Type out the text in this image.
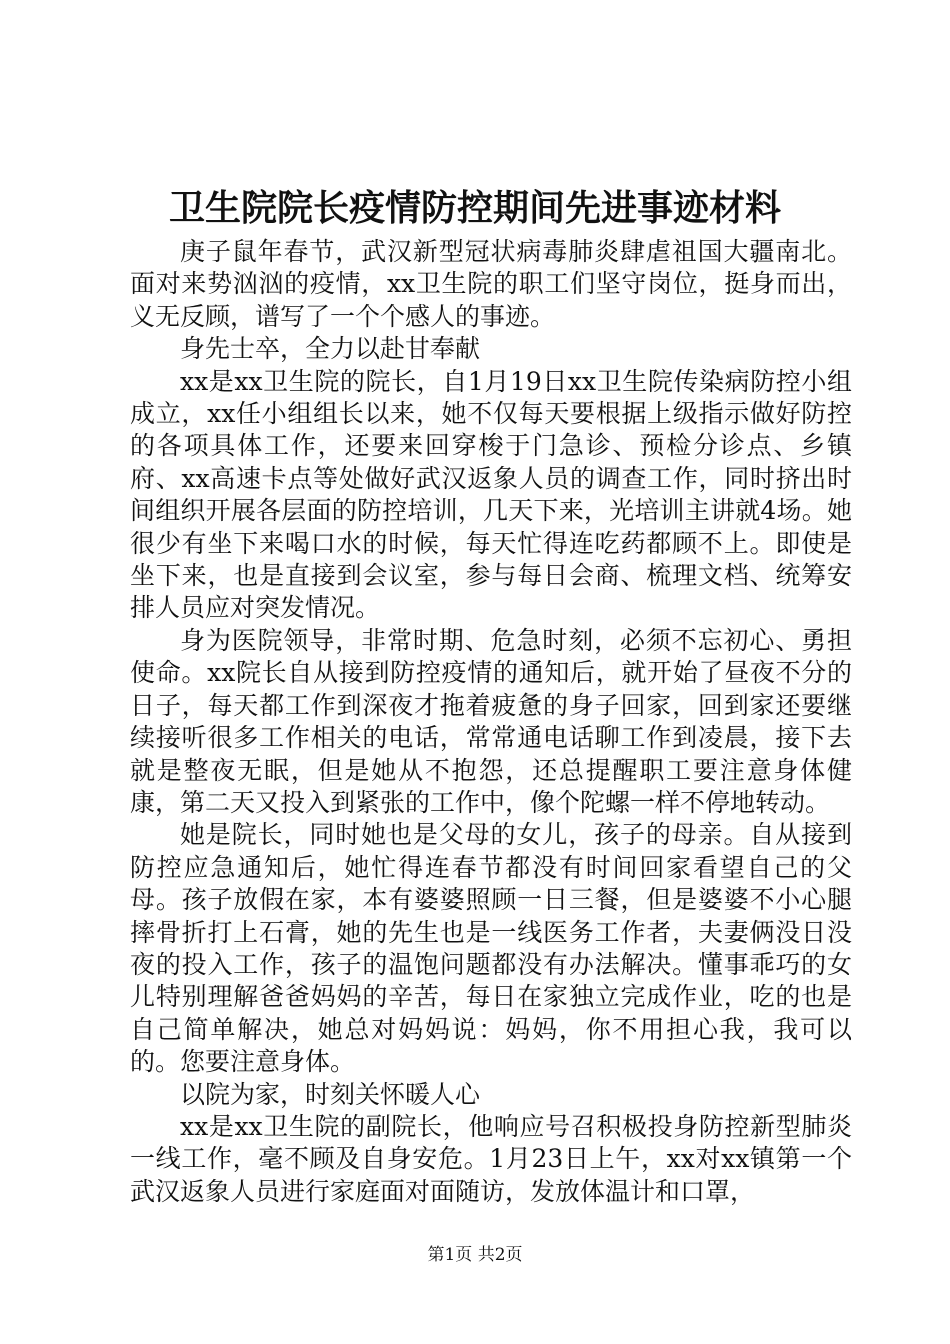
卫生院院长疫情防控期间先进事迹材料

庚子鼠年春节，武汉新型冠状病毒肺炎肆虐祖国大疆南北。面对来势汹汹的疫情，xx卫生院的职工们坚守岗位，挺身而出，义无反顾，谱写了一个个感人的事迹。

身先士卒，全力以赴甘奉献

xx是xx卫生院的院长，自1月19日xx卫生院传染病防控小组成立，xx任小组组长以来，她不仅每天要根据上级指示做好防控的各项具体工作，还要来回穿梭于门急诊、预检分诊点、乡镇府、xx高速卡点等处做好武汉返象人员的调查工作，同时挤出时间组织开展各层面的防控培训，几天下来，光培训主讲就4场。她很少有坐下来喝口水的时候，每天忙得连吃药都顾不上。即使是坐下来，也是直接到会议室，参与每日会商、梳理文档、统筹安排人员应对突发情况。

身为医院领导，非常时期、危急时刻，必须不忘初心、勇担使命。xx院长自从接到防控疫情的通知后，就开始了昼夜不分的日子，每天都工作到深夜才拖着疲惫的身子回家，回到家还要继续接听很多工作相关的电话，常常通电话聊工作到凌晨，接下去就是整夜无眠，但是她从不抱怨，还总提醒职工要注意身体健康，第二天又投入到紧张的工作中，像个陀螺一样不停地转动。

她是院长，同时她也是父母的女儿，孩子的母亲。自从接到防控应急通知后，她忙得连春节都没有时间回家看望自己的父母。孩子放假在家，本有婆婆照顾一日三餐，但是婆婆不小心腿摔骨折打上石膏，她的先生也是一线医务工作者，夫妻俩没日没夜的投入工作，孩子的温饱问题都没有办法解决。懂事乖巧的女儿特别理解爸爸妈妈的辛苦，每日在家独立完成作业，吃的也是自己简单解决，她总对妈妈说：妈妈，你不用担心我，我可以的。您要注意身体。

以院为家，时刻关怀暖人心

xx是xx卫生院的副院长，他响应号召积极投身防控新型肺炎一线工作，毫不顾及自身安危。1月23日上午，xx对xx镇第一个武汉返象人员进行家庭面对面随访，发放体温计和口罩，

第1页 共2页
